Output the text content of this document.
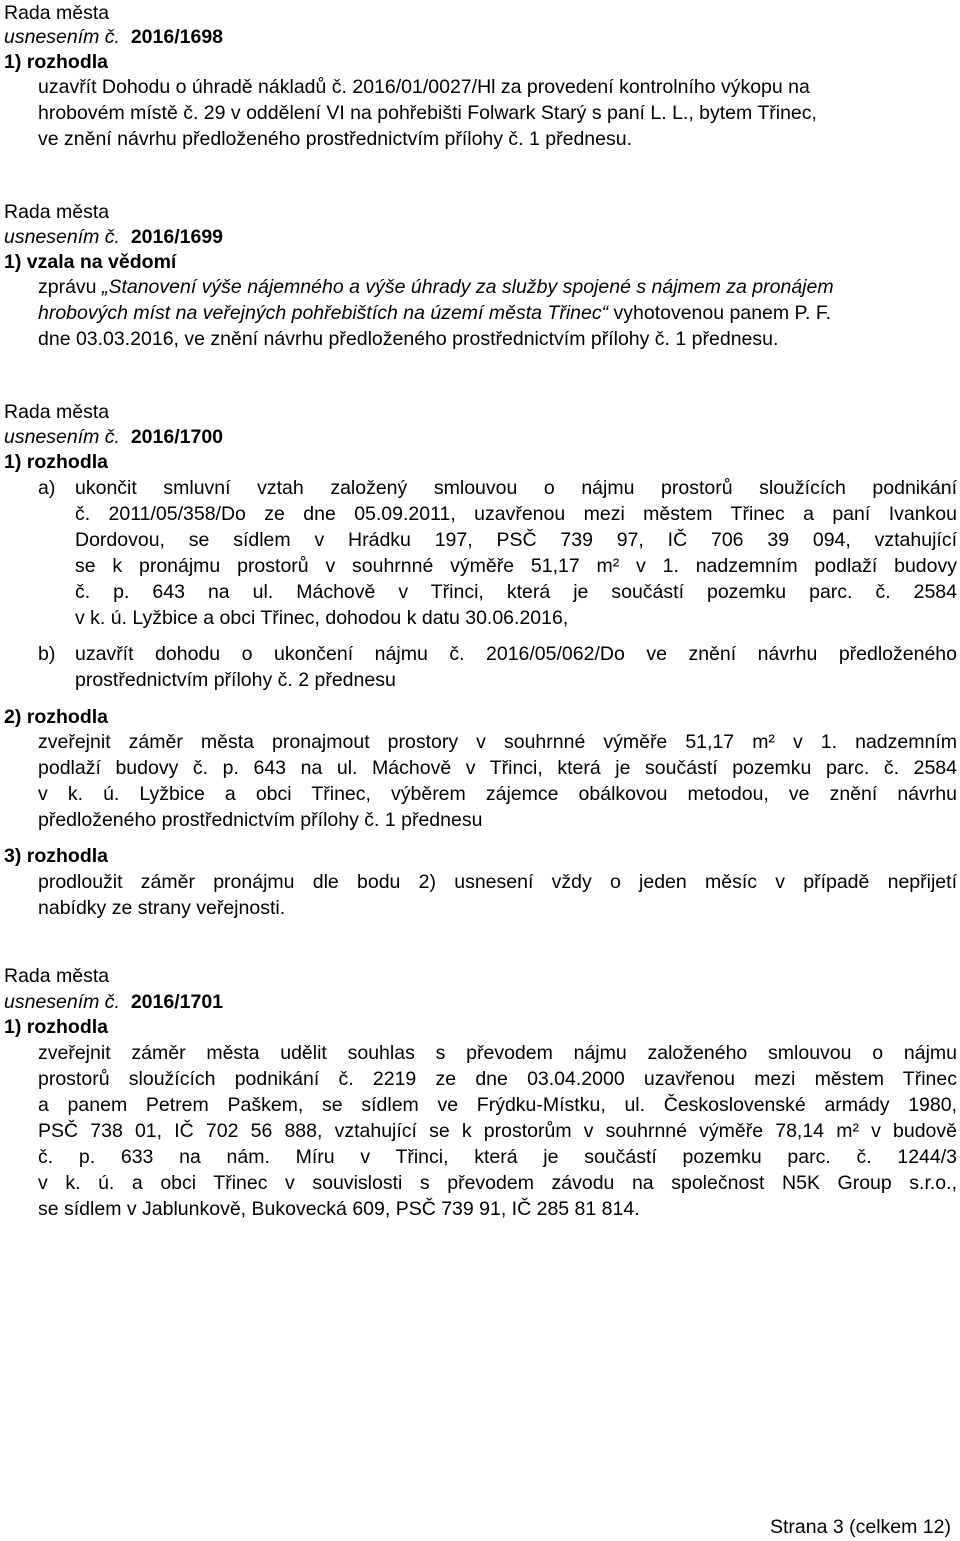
Rada města
usnesením č. 2016/1698
1) rozhodla
uzavřít Dohodu o úhradě nákladů č. 2016/01/0027/Hl za provedení kontrolního výkopu na
hrobovém místě č. 29 v oddělení VI na pohřebišti Folwark Starý s paní L. L., bytem Třinec,
ve znění návrhu předloženého prostřednictvím přílohy č. 1 přednesu.
Rada města
usnesením č. 2016/1699
1) vzala na vědomí
zprávu „Stanovení výše nájemného a výše úhrady za služby spojené s nájmem za pronájem
hrobových míst na veřejných pohřebištích na území města Třinec“ vyhotovenou panem P. F.
dne 03.03.2016, ve znění návrhu předloženého prostřednictvím přílohy č. 1 přednesu.
Rada města
usnesením č. 2016/1700
1) rozhodla
a) ukončit smluvní vztah založený smlouvou o nájmu prostorů sloužících podnikání
č. 2011/05/358/Do ze dne 05.09.2011, uzavřenou mezi městem Třinec a paní Ivankou
Dordovou, se sídlem v Hrádku 197, PSČ 739 97, IČ 706 39 094, vztahující
se k pronájmu prostorů v souhrnné výměře 51,17 m² v 1. nadzemním podlaží budovy
č. p. 643 na ul. Máchově v Třinci, která je součástí pozemku parc. č. 2584
v k. ú. Lyžbice a obci Třinec, dohodou k datu 30.06.2016,
b) uzavřít dohodu o ukončení nájmu č. 2016/05/062/Do ve znění návrhu předloženého
prostřednictvím přílohy č. 2 přednesu
2) rozhodla
zveřejnit záměr města pronajmout prostory v souhrnné výměře 51,17 m² v 1. nadzemním
podlaží budovy č. p. 643 na ul. Máchově v Třinci, která je součástí pozemku parc. č. 2584
v k. ú. Lyžbice a obci Třinec, výběrem zájemce obálkovou metodou, ve znění návrhu
předloženého prostřednictvím přílohy č. 1 přednesu
3) rozhodla
prodloužit záměr pronájmu dle bodu 2) usnesení vždy o jeden měsíc v případě nepřijetí
nabídky ze strany veřejnosti.
Rada města
usnesením č. 2016/1701
1) rozhodla
zveřejnit záměr města udělit souhlas s převodem nájmu založeného smlouvou o nájmu
prostorů sloužících podnikání č. 2219 ze dne 03.04.2000 uzavřenou mezi městem Třinec
a panem Petrem Paškem, se sídlem ve Frýdku-Místku, ul. Československé armády 1980,
PSČ 738 01, IČ 702 56 888, vztahující se k prostorům v souhrnné výměře 78,14 m² v budově
č. p. 633 na nám. Míru v Třinci, která je součástí pozemku parc. č. 1244/3
v k. ú. a obci Třinec v souvislosti s převodem závodu na společnost N5K Group s.r.o.,
se sídlem v Jablunkově, Bukovecká 609, PSČ 739 91, IČ 285 81 814.
Strana 3 (celkem 12)
